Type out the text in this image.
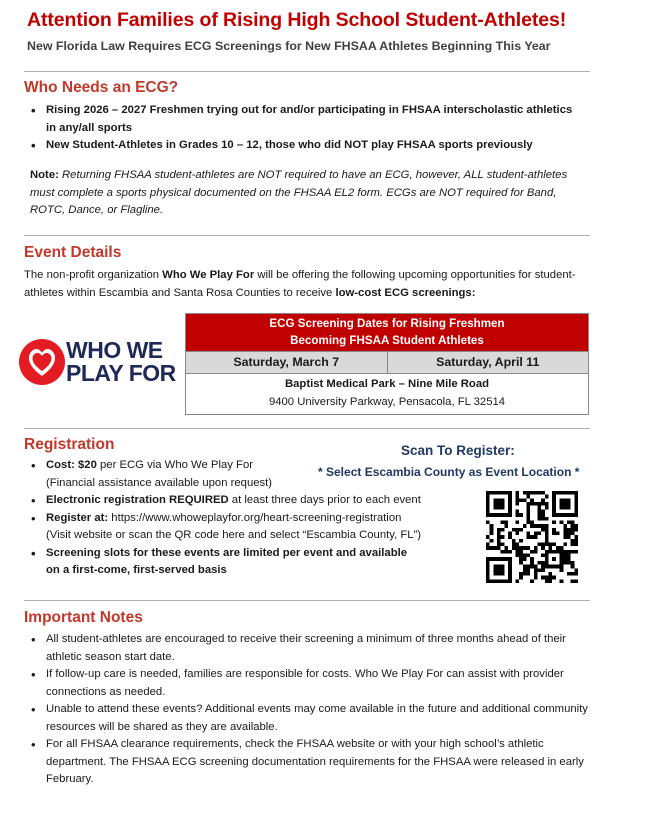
Attention Families of Rising High School Student-Athletes!
New Florida Law Requires ECG Screenings for New FHSAA Athletes Beginning This Year
Who Needs an ECG?
• Rising 2026 – 2027 Freshmen trying out for and/or participating in FHSAA interscholastic athletics in any/all sports
• New Student-Athletes in Grades 10 – 12, those who did NOT play FHSAA sports previously
Note: Returning FHSAA student-athletes are NOT required to have an ECG, however, ALL student-athletes must complete a sports physical documented on the FHSAA EL2 form. ECGs are NOT required for Band, ROTC, Dance, or Flagline.
Event Details
The non-profit organization Who We Play For will be offering the following upcoming opportunities for student-athletes within Escambia and Santa Rosa Counties to receive low-cost ECG screenings:
WHO WE
PLAY FOR
ECG Screening Dates for Rising Freshmen
Becoming FHSAA Student Athletes
Saturday, March 7	Saturday, April 11
Baptist Medical Park – Nine Mile Road
9400 University Parkway, Pensacola, FL 32514
Registration	Scan To Register:
* Select Escambia County as Event Location *
• Cost: $20 per ECG via Who We Play For
(Financial assistance available upon request)
• Electronic registration REQUIRED at least three days prior to each event
• Register at: https://www.whoweplayfor.org/heart-screening-registration
(Visit website or scan the QR code here and select “Escambia County, FL”)
• Screening slots for these events are limited per event and available
on a first-come, first-served basis
Important Notes
• All student-athletes are encouraged to receive their screening a minimum of three months ahead of their athletic season start date.
• If follow-up care is needed, families are responsible for costs. Who We Play For can assist with provider connections as needed.
• Unable to attend these events? Additional events may come available in the future and additional community resources will be shared as they are available.
• For all FHSAA clearance requirements, check the FHSAA website or with your high school’s athletic department. The FHSAA ECG screening documentation requirements for the FHSAA were released in early February.
